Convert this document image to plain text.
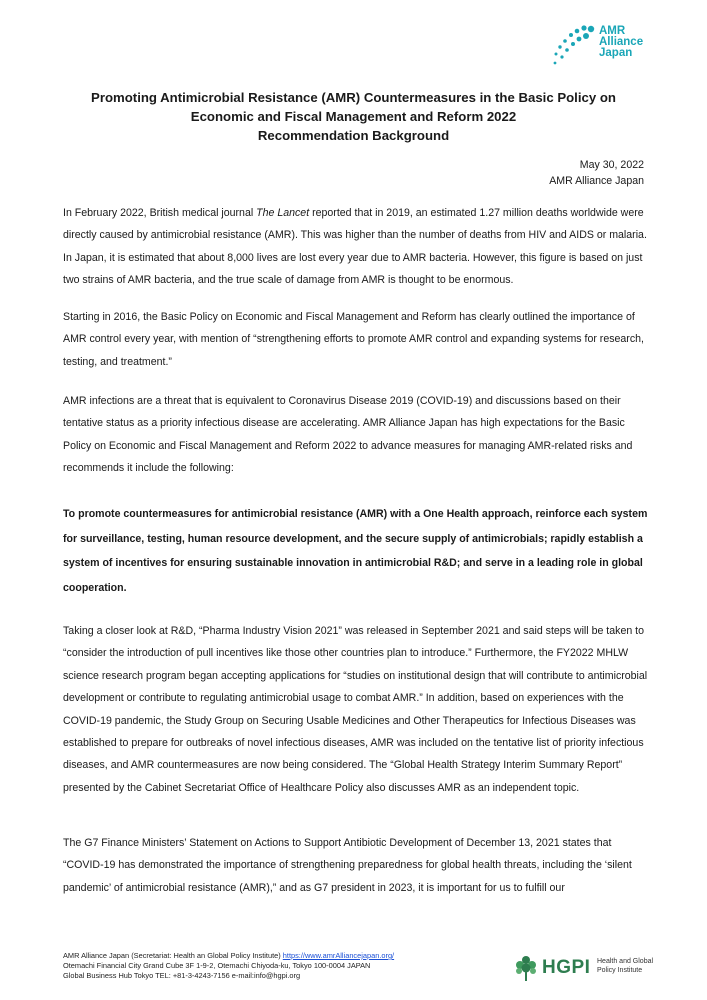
AMR
Alliance
Japan
Promoting Antimicrobial Resistance (AMR) Countermeasures in the Basic Policy on
Economic and Fiscal Management and Reform 2022
Recommendation Background
May 30, 2022
AMR Alliance Japan
In February 2022, British medical journal The Lancet reported that in 2019, an estimated 1.27 million deaths worldwide were directly caused by antimicrobial resistance (AMR). This was higher than the number of deaths from HIV and AIDS or malaria. In Japan, it is estimated that about 8,000 lives are lost every year due to AMR bacteria. However, this figure is based on just two strains of AMR bacteria, and the true scale of damage from AMR is thought to be enormous.
Starting in 2016, the Basic Policy on Economic and Fiscal Management and Reform has clearly outlined the importance of AMR control every year, with mention of “strengthening efforts to promote AMR control and expanding systems for research, testing, and treatment.”
AMR infections are a threat that is equivalent to Coronavirus Disease 2019 (COVID-19) and discussions based on their tentative status as a priority infectious disease are accelerating. AMR Alliance Japan has high expectations for the Basic Policy on Economic and Fiscal Management and Reform 2022 to advance measures for managing AMR-related risks and recommends it include the following:
To promote countermeasures for antimicrobial resistance (AMR) with a One Health approach, reinforce each system for surveillance, testing, human resource development, and the secure supply of antimicrobials; rapidly establish a system of incentives for ensuring sustainable innovation in antimicrobial R&D; and serve in a leading role in global cooperation.
Taking a closer look at R&D, “Pharma Industry Vision 2021” was released in September 2021 and said steps will be taken to “consider the introduction of pull incentives like those other countries plan to introduce.” Furthermore, the FY2022 MHLW science research program began accepting applications for “studies on institutional design that will contribute to antimicrobial development or contribute to regulating antimicrobial usage to combat AMR.” In addition, based on experiences with the COVID-19 pandemic, the Study Group on Securing Usable Medicines and Other Therapeutics for Infectious Diseases was established to prepare for outbreaks of novel infectious diseases, AMR was included on the tentative list of priority infectious diseases, and AMR countermeasures are now being considered. The “Global Health Strategy Interim Summary Report” presented by the Cabinet Secretariat Office of Healthcare Policy also discusses AMR as an independent topic.
The G7 Finance Ministers’ Statement on Actions to Support Antibiotic Development of December 13, 2021 states that “COVID-19 has demonstrated the importance of strengthening preparedness for global health threats, including the ‘silent pandemic’ of antimicrobial resistance (AMR),” and as G7 president in 2023, it is important for us to fulfill our
AMR Alliance Japan (Secretariat: Health an Global Policy Institute) https://www.amrAlliancejapan.org/
Otemachi Financial City Grand Cube 3F 1-9-2, Otemachi Chiyoda-ku, Tokyo 100-0004 JAPAN
Global Business Hub Tokyo TEL: +81-3-4243-7156 e-mail:info@hgpi.org	HGPI Health and Global
Policy Institute
